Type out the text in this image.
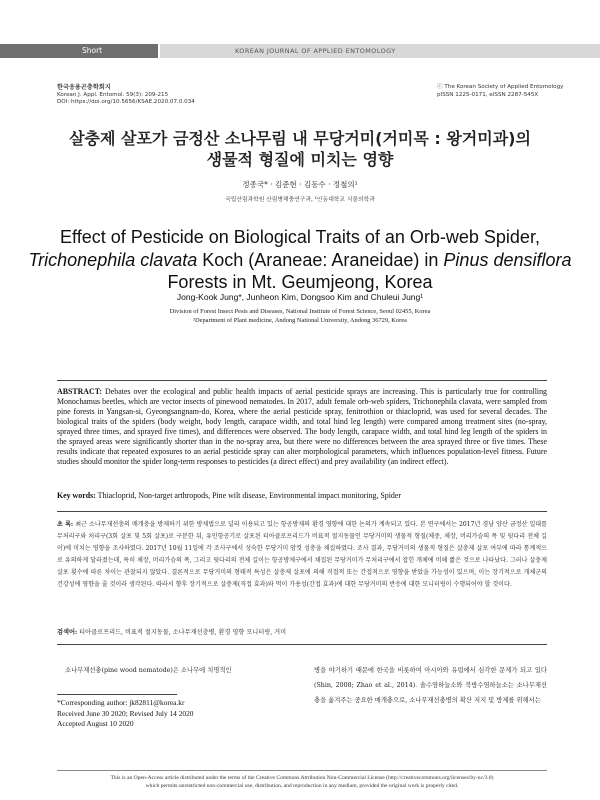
Short communication
KOREAN JOURNAL OF APPLIED ENTOMOLOGY
한국응용곤충학회지
Korean J. Appl. Entomol. 59(3): 209-215
DOI: https://doi.org/10.5656/KSAE.2020.07.0.034
ⓒ The Korean Society of Applied Entomology
pISSN 1225-0171, eISSN 2287-545X
살충제 살포가 금정산 소나무림 내 무당거미(거미목 : 왕거미과)의
생물적 형질에 미치는 영향
정종국* · 김준현 · 김동수 · 정철의¹
국립산림과학원 산림병해충연구과, ¹안동대학교 식물의학과
Effect of Pesticide on Biological Traits of an Orb-web Spider,
Trichonephila clavata Koch (Araneae: Araneidae) in Pinus densiflora
Forests in Mt. Geumjeong, Korea
Jong-Kook Jung*, Junheon Kim, Dongsoo Kim and Chuleui Jung¹
Division of Forest Insect Pests and Diseases, National Institute of Forest Science, Seoul 02455, Korea
¹Department of Plant medicine, Andong National University, Andong 36729, Korea
ABSTRACT: Debates over the ecological and public health impacts of aerial pesticide sprays are increasing. This is particularly true for controlling Monochamus beetles, which are vector insects of pinewood nematodes. In 2017, adult female orb-web spiders, Trichonephila clavata, were sampled from pine forests in Yangsan-si, Gyeongsangnam-do, Korea, where the aerial pesticide spray, fenitrothion or thiacloprid, was used for several decades. The biological traits of the spiders (body weight, body length, carapace width, and total hind leg length) were compared among treatment sites (no-spray, sprayed three times, and sprayed five times), and differences were observed. The body length, carapace width, and total hind leg length of the spiders in the sprayed areas were significantly shorter than in the no-spray area, but there were no differences between the area sprayed three or five times. These results indicate that repeated exposures to an aerial pesticide spray can alter morphological parameters, which influences population-level fitness. Future studies should monitor the spider long-term responses to pesticides (a direct effect) and prey availability (an indirect effect).
Key words: Thiacloprid, Non-target arthropods, Pine wilt disease, Environmental impact monitoring, Spider
초 록: 최근 소나무재선충의 매개충을 방제하기 위한 방제법으로 널리 이용되고 있는 항공방제의 환경 영향에 대한 논의가 계속되고 있다. 본 연구에서는 2017년 경남 양산 금정산 일대를 무처리구와 처리구(3회 살포 및 5회 살포)로 구분한 뒤, 유인항공기로 살포된 티아클로프리드가 비표적 절지동물인 무당거미의 생물적 형질(체중, 체장, 머리가슴의 폭 및 뒷다리 전체 길이)에 미치는 영향을 조사하였다. 2017년 10월 11일에 각 조사구에서 성숙한 무당거미 암컷 성충을 채집하였다. 조사 결과, 무당거미의 생물적 형질은 살충제 살포 여부에 따라 통계적으로 유의하게 달라졌는데, 특히 체장, 머리가슴의 폭, 그리고 뒷다리의 전체 길이는 항공방제구에서 채집된 무당거미가 무처리구에서 잡힌 개체에 비해 짧은 것으로 나타났다. 그러나 살충제 살포 횟수에 따른 차이는 관찰되지 않았다. 결론적으로 무당거미의 형태적 특성은 살충제 살포에 의해 직접적 또는 간접적으로 영향을 받았을 가능성이 있으며, 이는 장기적으로 개체군의 건강성에 영향을 줄 것이라 생각된다. 따라서 향후 장기적으로 살충제(직접 효과)와 먹이 가용성(간접 효과)에 대한 무당거미의 반응에 대한 모니터링이 수행되어야 할 것이다.
검색어: 티아클로프리드, 비표적 절지동물, 소나무재선충병, 환경 영향 모니터링, 거미
소나무재선충(pine wood nematode)은 소나무에 치명적인
*Corresponding author: jk82811@korea.kr
Received June 30 2020; Revised July 14 2020
Accepted August 10 2020
병을 야기하기 때문에 한국을 비롯하여 아시아와 유럽에서 심각한 문제가 되고 있다(Shin, 2008; Zhao et al., 2014). 솔수염하늘소와 북방수염하늘소는 소나무재선충을 옮겨주는 중요한 매개충으로, 소나무재선충병의 확산 저지 및 방제를 위해서는
This is an Open-Access article distributed under the terms of the Creative Commons Attribution Non-Commercial License (http://creativecommons.org/licenses/by-nc/3.0)
which permits unrestricted non-commercial use, distribution, and reproduction in any medium, provided the original work is properly cited.
